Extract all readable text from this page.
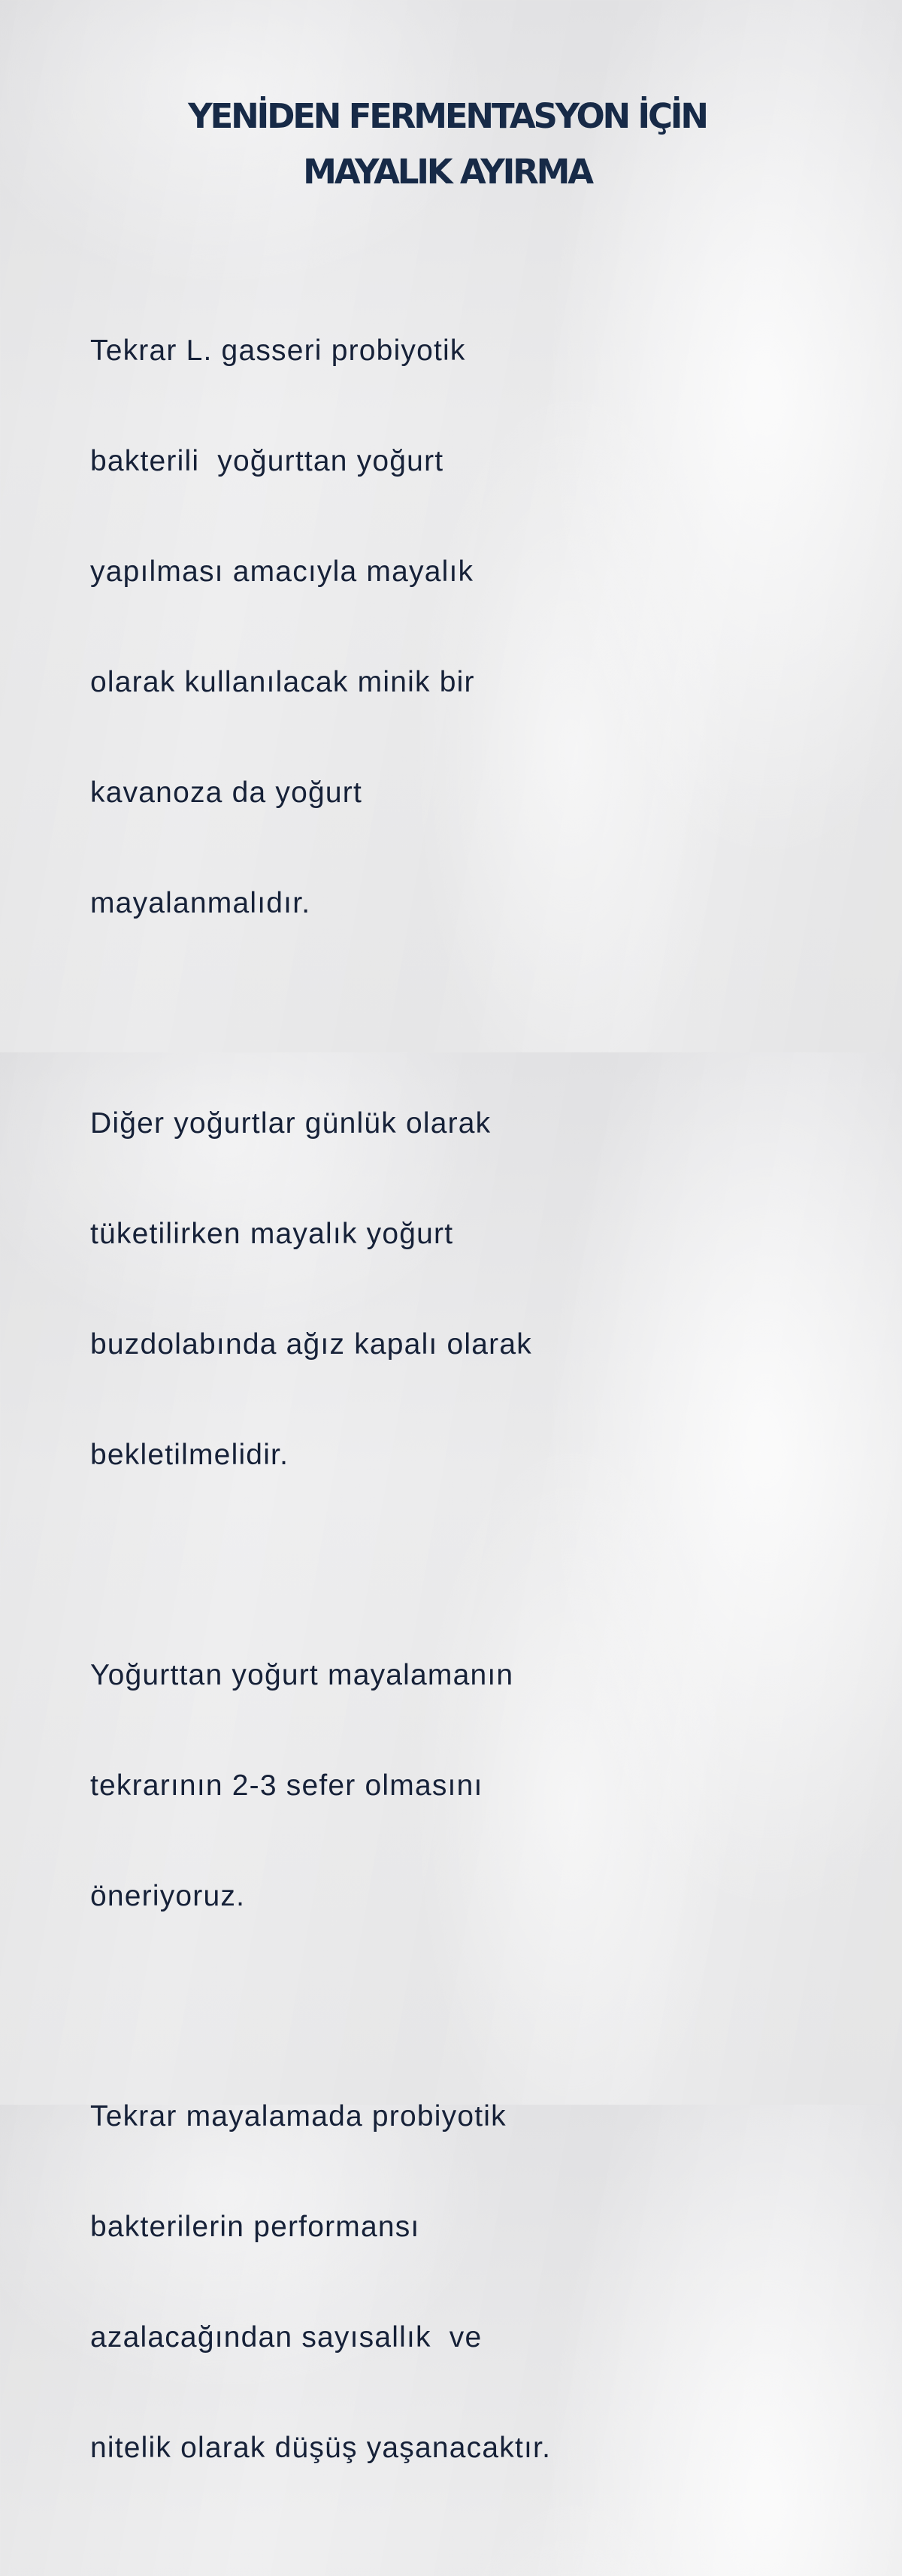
YENİDEN FERMENTASYON İÇİN
MAYALIK AYIRMA

Tekrar L. gasseri probiyotik

bakterili  yoğurttan yoğurt

yapılması amacıyla mayalık

olarak kullanılacak minik bir

kavanoza da yoğurt

mayalanmalıdır.

Diğer yoğurtlar günlük olarak

tüketilirken mayalık yoğurt

buzdolabında ağız kapalı olarak

bekletilmelidir.

Yoğurttan yoğurt mayalamanın

tekrarının 2-3 sefer olmasını

öneriyoruz.

Tekrar mayalamada probiyotik

bakterilerin performansı

azalacağından sayısallık  ve

nitelik olarak düşüş yaşanacaktır.
